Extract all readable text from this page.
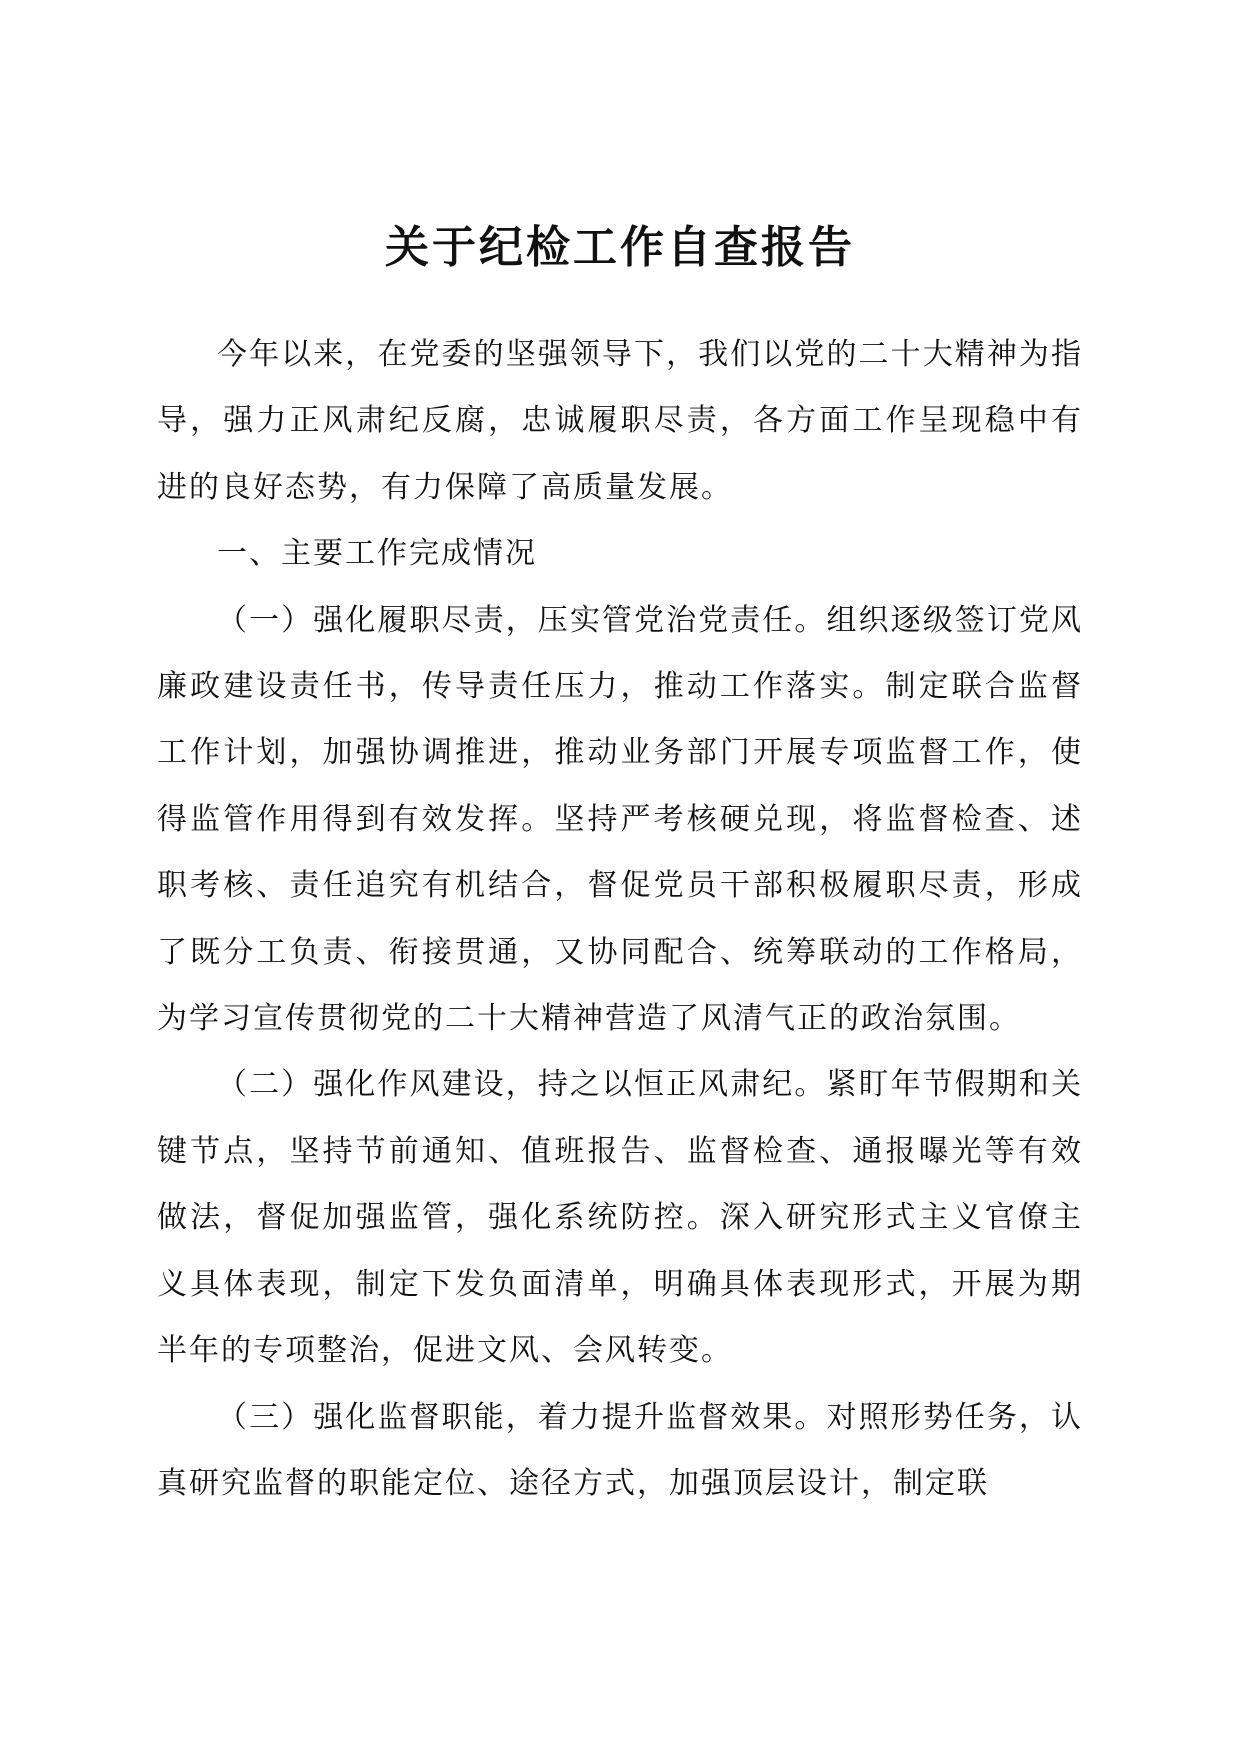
关于纪检工作自查报告

今年以来，在党委的坚强领导下，我们以党的二十大精神为指导，强力正风肃纪反腐，忠诚履职尽责，各方面工作呈现稳中有进的良好态势，有力保障了高质量发展。

一、主要工作完成情况

（一）强化履职尽责，压实管党治党责任。组织逐级签订党风廉政建设责任书，传导责任压力，推动工作落实。制定联合监督工作计划，加强协调推进，推动业务部门开展专项监督工作，使得监管作用得到有效发挥。坚持严考核硬兑现，将监督检查、述职考核、责任追究有机结合，督促党员干部积极履职尽责，形成了既分工负责、衔接贯通，又协同配合、统筹联动的工作格局，为学习宣传贯彻党的二十大精神营造了风清气正的政治氛围。

（二）强化作风建设，持之以恒正风肃纪。紧盯年节假期和关键节点，坚持节前通知、值班报告、监督检查、通报曝光等有效做法，督促加强监管，强化系统防控。深入研究形式主义官僚主义具体表现，制定下发负面清单，明确具体表现形式，开展为期半年的专项整治，促进文风、会风转变。

（三）强化监督职能，着力提升监督效果。对照形势任务，认真研究监督的职能定位、途径方式，加强顶层设计，制定联
